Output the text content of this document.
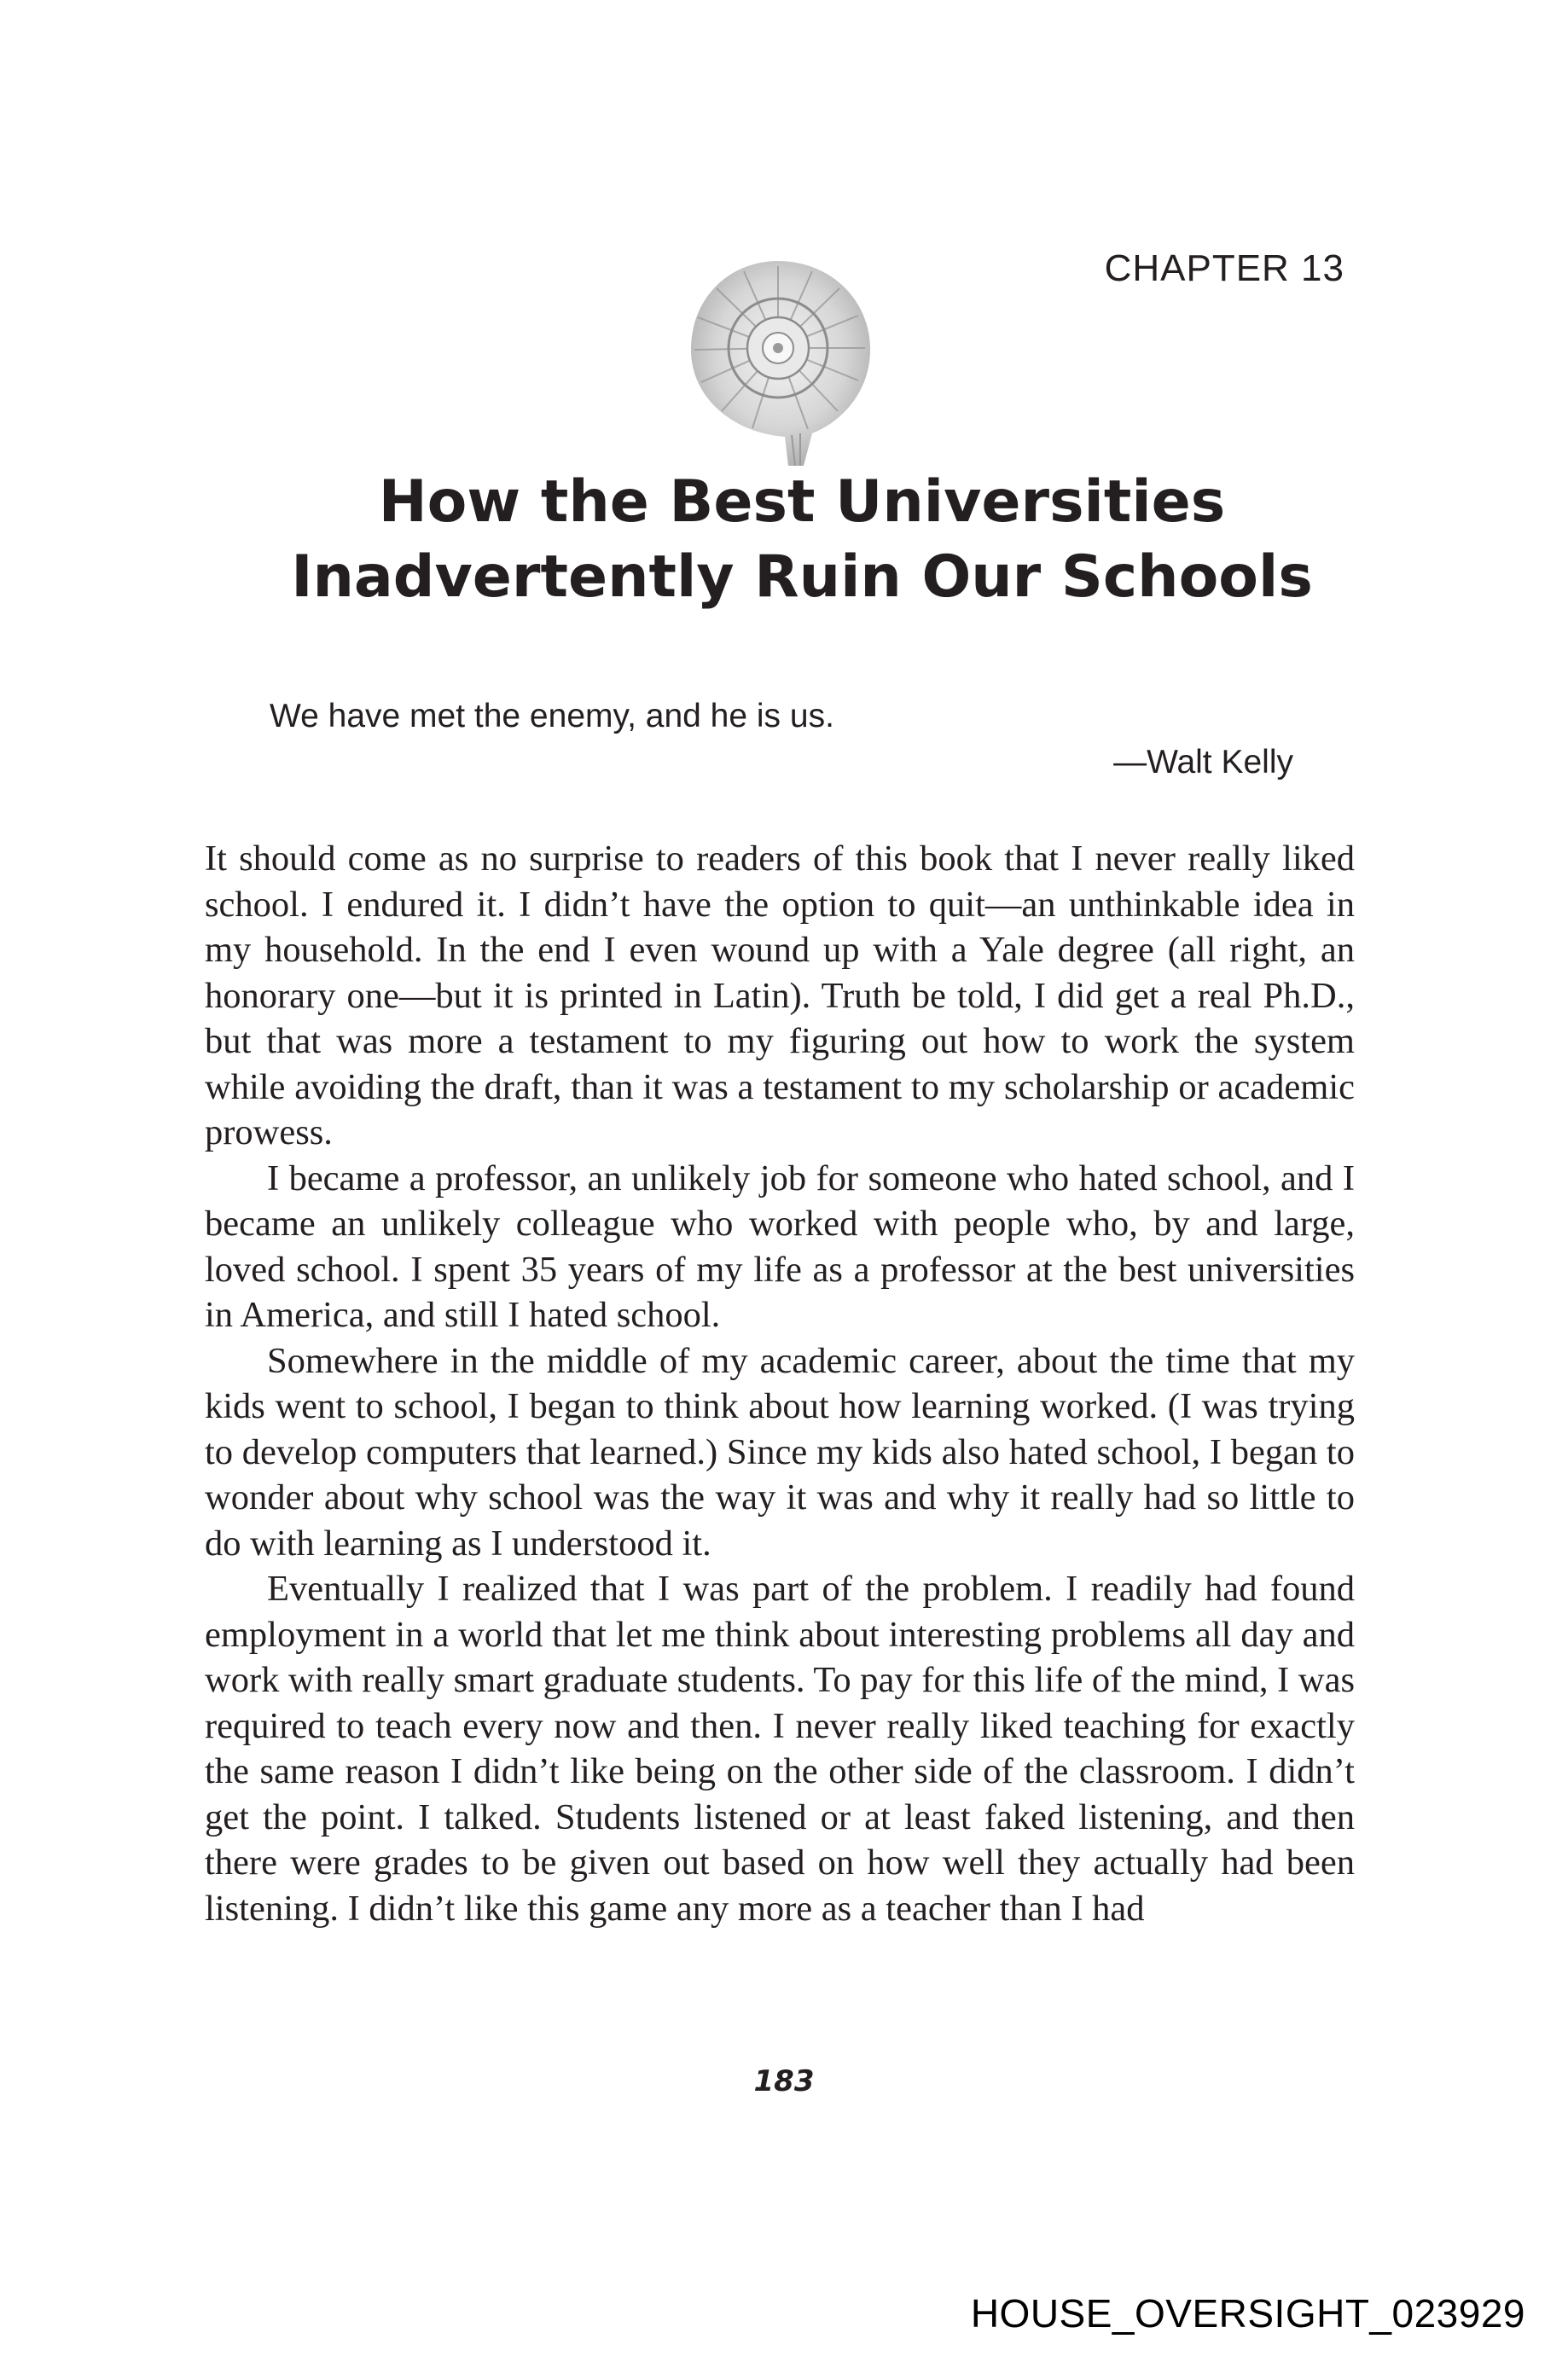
CHAPTER 13
How the Best Universities
Inadvertently Ruin Our Schools
We have met the enemy, and he is us.
—Walt Kelly

It should come as no surprise to readers of this book that I never really liked school. I endured it. I didn’t have the option to quit—an unthinkable idea in my household. In the end I even wound up with a Yale degree (all right, an honorary one—but it is printed in Latin). Truth be told, I did get a real Ph.D., but that was more a testament to my figuring out how to work the system while avoiding the draft, than it was a testament to my scholarship or academic prowess.

I became a professor, an unlikely job for someone who hated school, and I became an unlikely colleague who worked with people who, by and large, loved school. I spent 35 years of my life as a professor at the best universities in America, and still I hated school.

Somewhere in the middle of my academic career, about the time that my kids went to school, I began to think about how learning worked. (I was trying to develop computers that learned.) Since my kids also hated school, I began to wonder about why school was the way it was and why it really had so little to do with learning as I understood it.

Eventually I realized that I was part of the problem. I readily had found employment in a world that let me think about interesting problems all day and work with really smart graduate students. To pay for this life of the mind, I was required to teach every now and then. I never really liked teaching for exactly the same reason I didn’t like being on the other side of the classroom. I didn’t get the point. I talked. Students listened or at least faked listening, and then there were grades to be given out based on how well they actually had been listening. I didn’t like this game any more as a teacher than I had

183
HOUSE_OVERSIGHT_023929
